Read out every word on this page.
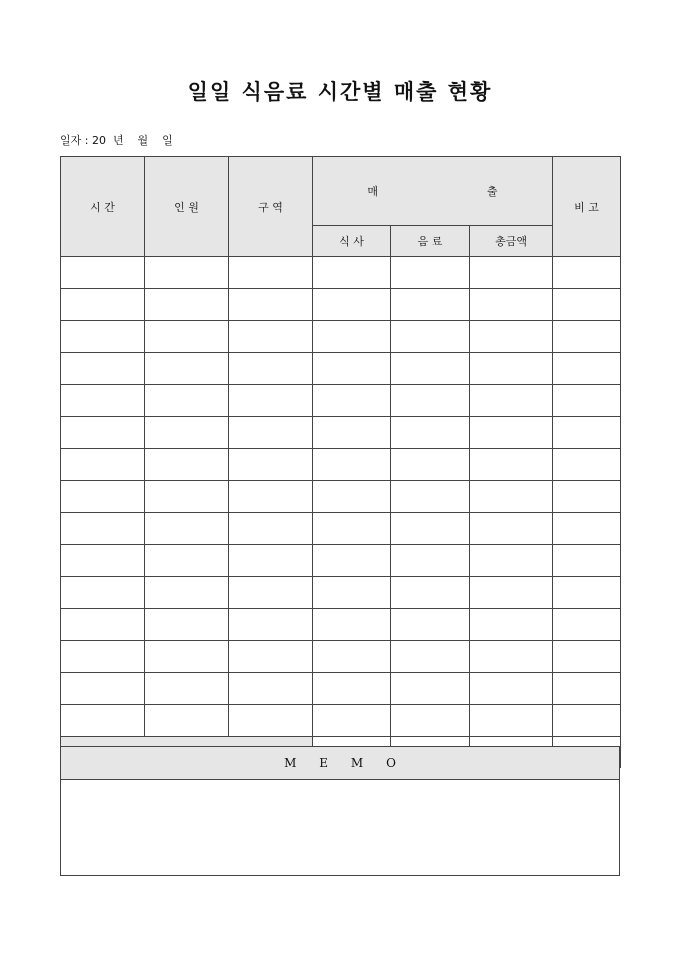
일일 식음료 시간별 매출 현황
일자 : 20  년    월    일
시 간	인 원	구 역	매 출			비 고
			식 사	음 료	총금액	

M      E      M      O
